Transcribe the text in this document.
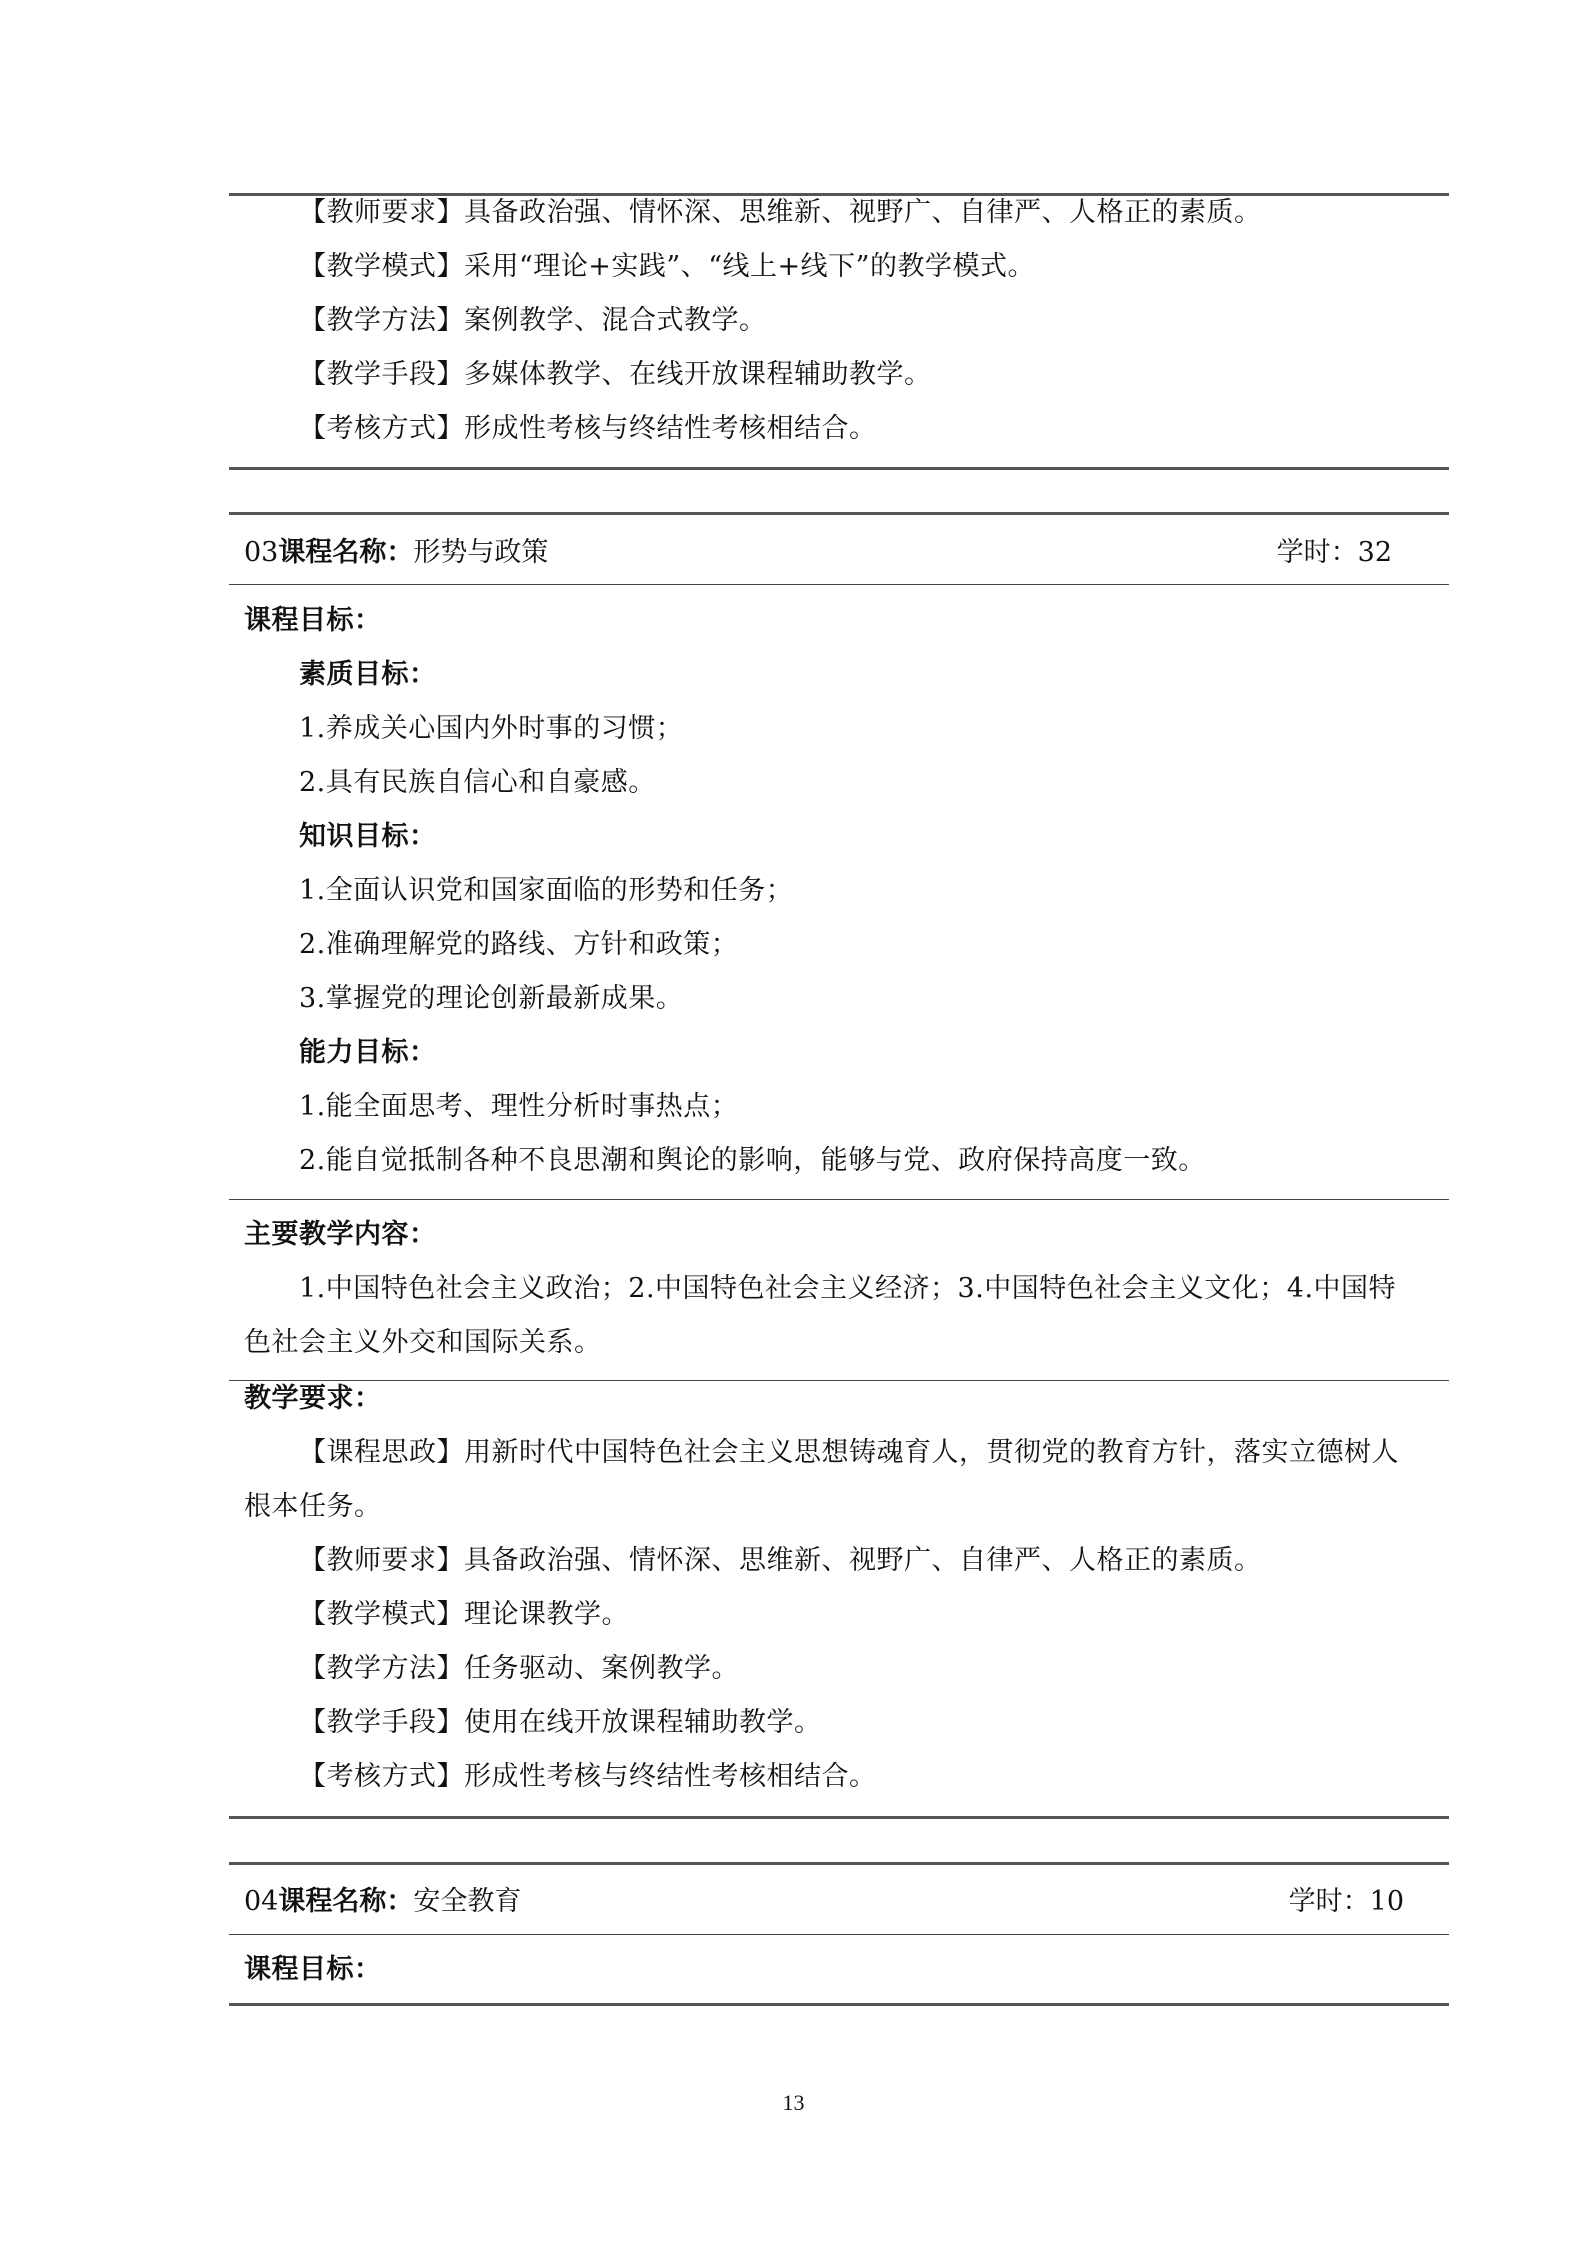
【教师要求】具备政治强、情怀深、思维新、视野广、自律严、人格正的素质。
【教学模式】采用“理论+实践”、“线上+线下”的教学模式。
【教学方法】案例教学、混合式教学。
【教学手段】多媒体教学、在线开放课程辅助教学。
【考核方式】形成性考核与终结性考核相结合。
03课程名称：形势与政策	学时：32
课程目标：
素质目标：
1.养成关心国内外时事的习惯；
2.具有民族自信心和自豪感。
知识目标：
1.全面认识党和国家面临的形势和任务；
2.准确理解党的路线、方针和政策；
3.掌握党的理论创新最新成果。
能力目标：
1.能全面思考、理性分析时事热点；
2.能自觉抵制各种不良思潮和舆论的影响，能够与党、政府保持高度一致。
主要教学内容：
1.中国特色社会主义政治；2.中国特色社会主义经济；3.中国特色社会主义文化；4.中国特
色社会主义外交和国际关系。
教学要求：
【课程思政】用新时代中国特色社会主义思想铸魂育人，贯彻党的教育方针，落实立德树人
根本任务。
【教师要求】具备政治强、情怀深、思维新、视野广、自律严、人格正的素质。
【教学模式】理论课教学。
【教学方法】任务驱动、案例教学。
【教学手段】使用在线开放课程辅助教学。
【考核方式】形成性考核与终结性考核相结合。
04课程名称：安全教育	学时：10
课程目标：
13
